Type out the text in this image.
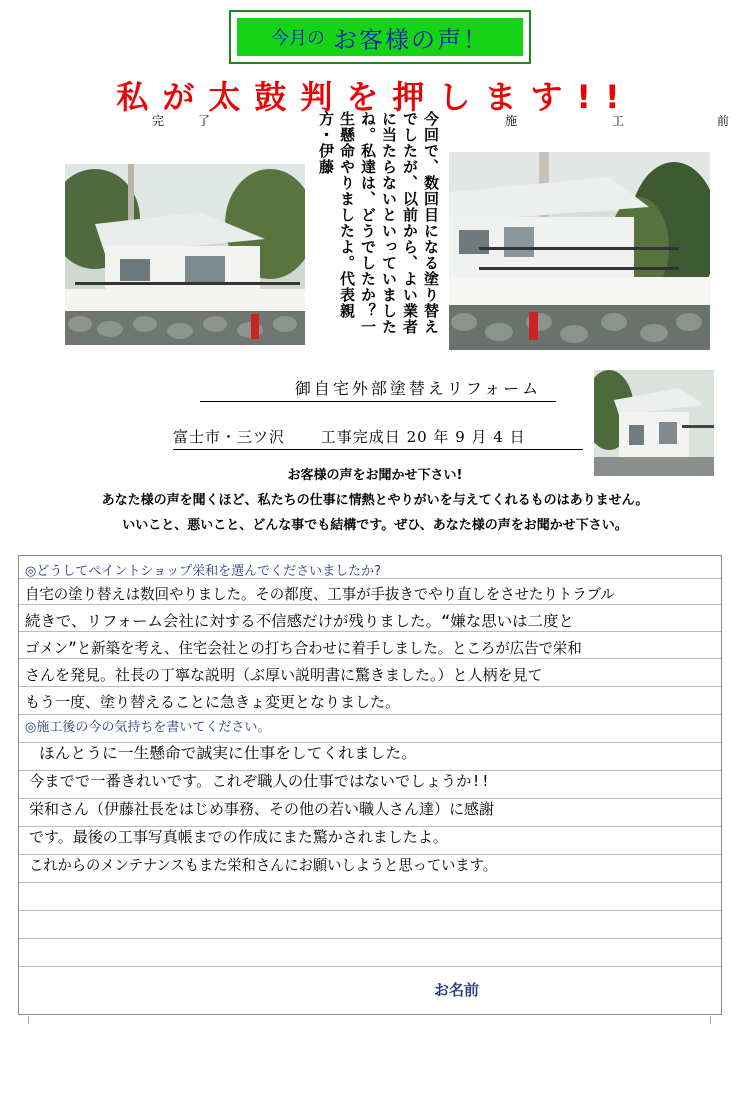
今月の お客様の声！
私が太鼓判を押します!!
完	了	施	工	前
今回で、数回目になる塗り替えでしたが、以前から、よい業者に当たらないといっていましたね。私達は、どうでしたか？一生懸命やりましたよ。代表親方・伊藤
御自宅外部塗替えリフォーム
富士市・三ツ沢 工事完成日 20 年 9 月 4 日
お客様の声をお聞かせ下さい!
あなた様の声を聞くほど、私たちの仕事に情熱とやりがいを与えてくれるものはありません。
いいこと、悪いこと、どんな事でも結構です。ぜひ、あなた様の声をお聞かせ下さい。
◎どうしてペイントショップ栄和を選んでくださいましたか?
自宅の塗り替えは数回やりました。その都度、工事が手抜きでやり直しをさせたりトラブル
続きで、リフォーム会社に対する不信感だけが残りました。“嫌な思いは二度と
ゴメン”と新築を考え、住宅会社との打ち合わせに着手しました。ところが広告で栄和
さんを発見。社長の丁寧な説明（ぶ厚い説明書に驚きました。）と人柄を見て
もう一度、塗り替えることに急きょ変更となりました。
◎施工後の今の気持ちを書いてください。
ほんとうに一生懸命で誠実に仕事をしてくれました。
今までで一番きれいです。これぞ職人の仕事ではないでしょうか!!
栄和さん（伊藤社長をはじめ事務、その他の若い職人さん達）に感謝
です。最後の工事写真帳までの作成にまた驚かされましたよ。
これからのメンテナンスもまた栄和さんにお願いしようと思っています。
お名前
